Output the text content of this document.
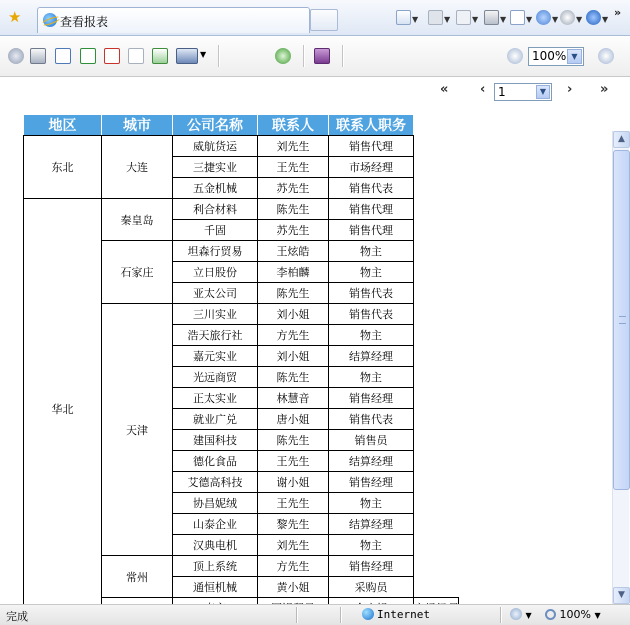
★	查看报表	▼	▼	▼	▼	▼	▼	▼	▼
»
▼	100% ▼
« ‹	1	▼	› »
地区	城市	公司名称	联系人	联系人职务	
东北	大连	威航货运	刘先生	销售代理	
		三捷实业	王先生	市场经理	
		五金机械	苏先生	销售代表	
华北	秦皇岛	利合材料	陈先生	销售代理	
		千固	苏先生	销售代理	
	石家庄	坦森行贸易	王炫皓	物主	
		立日股份	李柏麟	物主	
		亚太公司	陈先生	销售代表	
	天津	三川实业	刘小姐	销售代表	
		浩天旅行社	方先生	物主	
		嘉元实业	刘小姐	结算经理	
		光远商贸	陈先生	物主	
		正太实业	林慧音	销售经理	
		就业广兑	唐小姐	销售代表	
		建国科技	陈先生	销售员	
		德化食品	王先生	结算经理	
		艾德高科技	谢小姐	销售经理	
		协昌妮绒	王先生	物主	
		山泰企业	黎先生	结算经理	
		汉典电机	刘先生	物主	
	常州	顶上系统	方先生	销售经理	
		通恒机械	黄小姐	采购员	

▲
▼
完成	Internet	▼	100% ▼
